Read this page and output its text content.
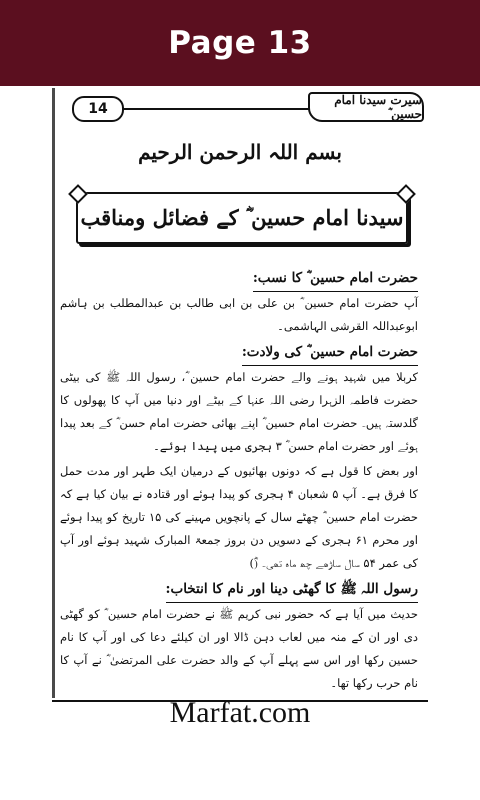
Page 13
14
سیرت سیدنا امام حسین ؓ
بسم اللہ الرحمن الرحیم
سیدنا امام حسین ؓ کے فضائل ومناقب
حضرت امام حسین ؓ کا نسب:

آپ حضرت امام حسین ؓ بن علی بن ابی طالب بن عبدالمطلب بن ہاشم ابوعبداللہ القرشی الہاشمی۔

حضرت امام حسین ؓ کی ولادت:

کربلا میں شہید ہونے والے حضرت امام حسین ؓ، رسول اللہ ﷺ کی بیٹی حضرت فاطمہ الزہرا رضی اللہ عنہا کے بیٹے اور دنیا میں آپ کا پھولوں کا گلدستہ ہیں۔ حضرت امام حسین ؓ اپنے بھائی حضرت امام حسن ؓ کے بعد پیدا ہوئے اور حضرت امام حسن ؓ ۳ ہجری میں پیدا ہوئے۔

اور بعض کا قول ہے کہ دونوں بھائیوں کے درمیان ایک طہر اور مدت حمل کا فرق ہے۔ آپ ۵ شعبان ۴ ہجری کو پیدا ہوئے اور قتادہ نے بیان کیا ہے کہ حضرت امام حسین ؓ چھٹے سال کے پانچویں مہینے کی ۱۵ تاریخ کو پیدا ہوئے اور محرم ۶۱ ہجری کے دسویں دن بروز جمعۃ المبارک شہید ہوئے اور آپ کی عمر ۵۴ سال ساڑھے چھ ماہ تھی۔ (ؓ)

رسول اللہ ﷺ کا گھٹی دینا اور نام کا انتخاب:

حدیث میں آیا ہے کہ حضور نبی کریم ﷺ نے حضرت امام حسین ؓ کو گھٹی دی اور ان کے منہ میں لعاب دہن ڈالا اور ان کیلئے دعا کی اور آپ کا نام حسین رکھا اور اس سے پہلے آپ کے والد حضرت علی المرتضیٰ ؓ نے آپ کا نام حرب رکھا تھا۔

Marfat.com
